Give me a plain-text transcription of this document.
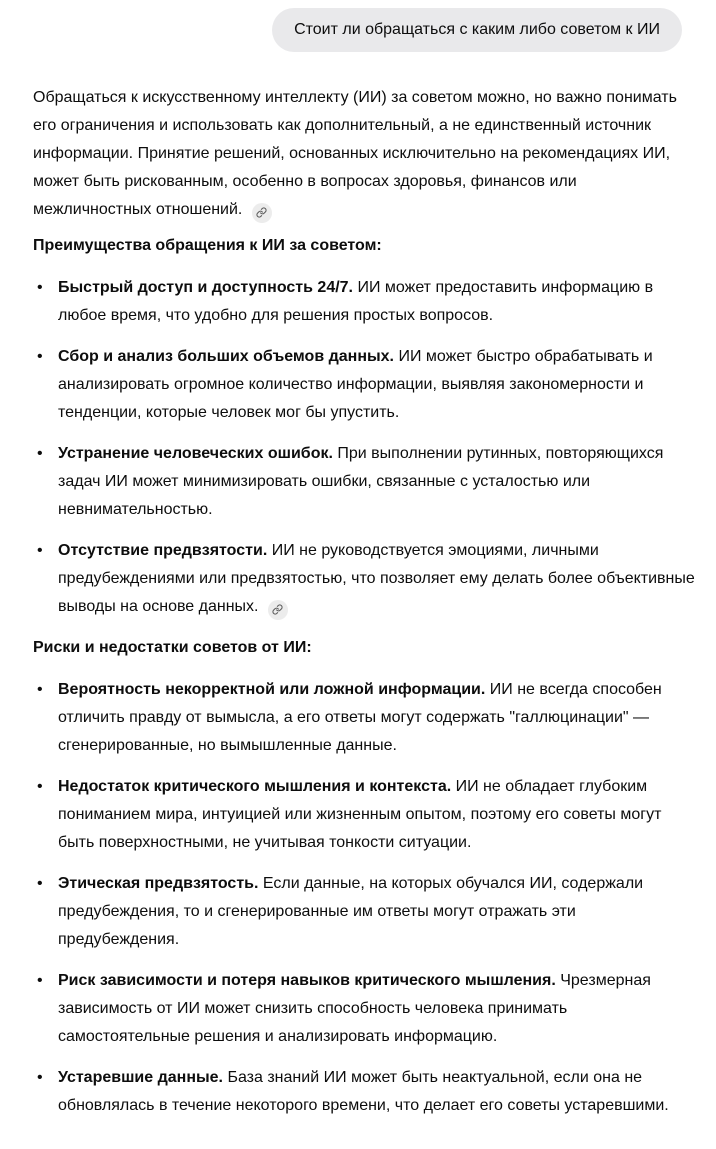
Стоит ли обращаться с каким либо советом к ИИ

Обращаться к искусственному интеллекту (ИИ) за советом можно, но важно понимать его ограничения и использовать как дополнительный, а не единственный источник информации. Принятие решений, основанных исключительно на рекомендациях ИИ, может быть рискованным, особенно в вопросах здоровья, финансов или межличностных отношений.

Преимущества обращения к ИИ за советом:
• Быстрый доступ и доступность 24/7. ИИ может предоставить информацию в любое время, что удобно для решения простых вопросов.
• Сбор и анализ больших объемов данных. ИИ может быстро обрабатывать и анализировать огромное количество информации, выявляя закономерности и тенденции, которые человек мог бы упустить.
• Устранение человеческих ошибок. При выполнении рутинных, повторяющихся задач ИИ может минимизировать ошибки, связанные с усталостью или невнимательностью.
• Отсутствие предвзятости. ИИ не руководствуется эмоциями, личными предубеждениями или предвзятостью, что позволяет ему делать более объективные выводы на основе данных.
Риски и недостатки советов от ИИ:
• Вероятность некорректной или ложной информации. ИИ не всегда способен отличить правду от вымысла, а его ответы могут содержать "галлюцинации" — сгенерированные, но вымышленные данные.
• Недостаток критического мышления и контекста. ИИ не обладает глубоким пониманием мира, интуицией или жизненным опытом, поэтому его советы могут быть поверхностными, не учитывая тонкости ситуации.
• Этическая предвзятость. Если данные, на которых обучался ИИ, содержали предубеждения, то и сгенерированные им ответы могут отражать эти предубеждения.
• Риск зависимости и потеря навыков критического мышления. Чрезмерная зависимость от ИИ может снизить способность человека принимать самостоятельные решения и анализировать информацию.
• Устаревшие данные. База знаний ИИ может быть неактуальной, если она не обновлялась в течение некоторого времени, что делает его советы устаревшими.
